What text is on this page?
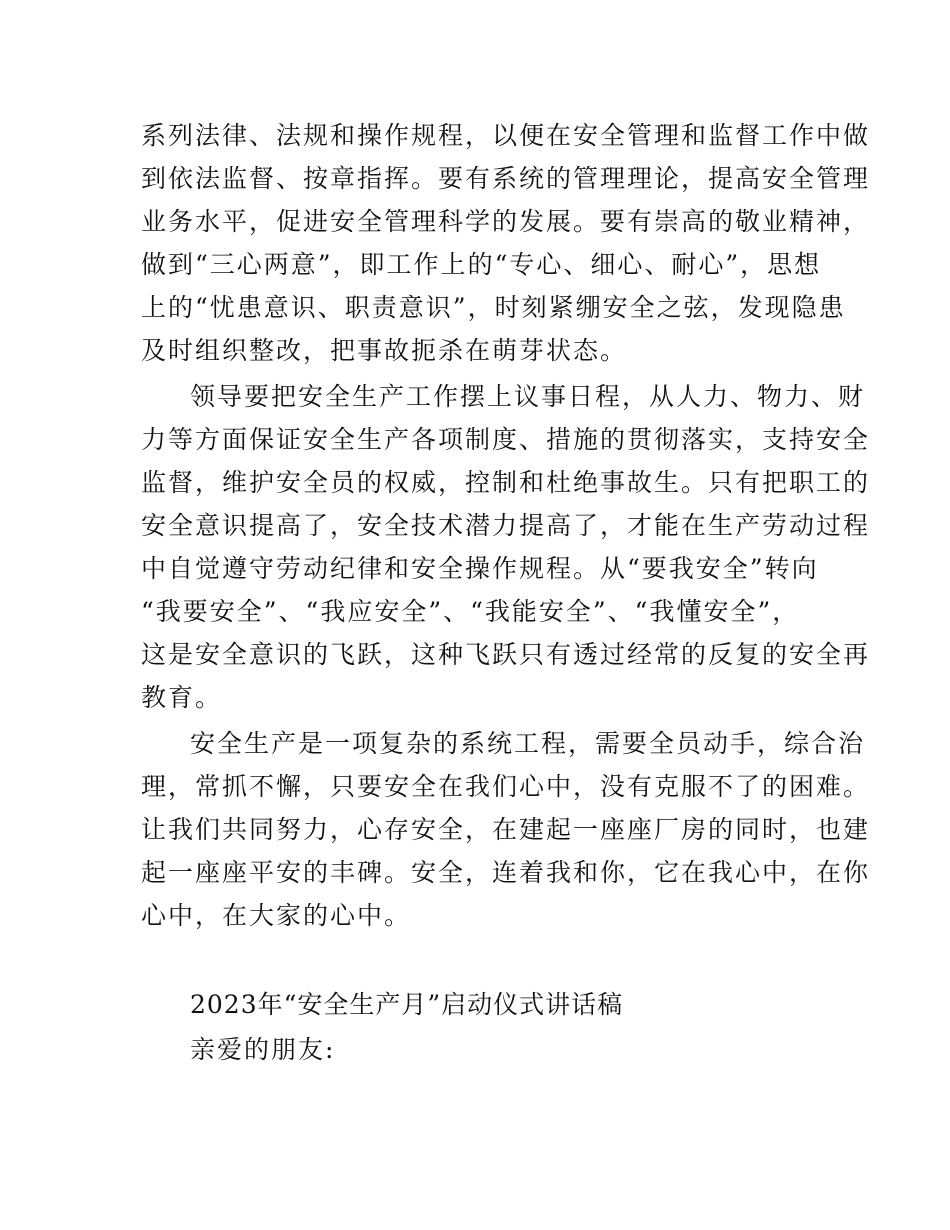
系列法律、法规和操作规程，以便在安全管理和监督工作中做
到依法监督、按章指挥。要有系统的管理理论，提高安全管理
业务水平，促进安全管理科学的发展。要有崇高的敬业精神，
做到“三心两意”，即工作上的“专心、细心、耐心”，思想
上的“忧患意识、职责意识”，时刻紧绷安全之弦，发现隐患
及时组织整改，把事故扼杀在萌芽状态。
领导要把安全生产工作摆上议事日程，从人力、物力、财
力等方面保证安全生产各项制度、措施的贯彻落实，支持安全
监督，维护安全员的权威，控制和杜绝事故生。只有把职工的
安全意识提高了，安全技术潜力提高了，才能在生产劳动过程
中自觉遵守劳动纪律和安全操作规程。从“要我安全”转向
“我要安全”、“我应安全”、“我能安全”、“我懂安全”，
这是安全意识的飞跃，这种飞跃只有透过经常的反复的安全再
教育。
安全生产是一项复杂的系统工程，需要全员动手，综合治
理，常抓不懈，只要安全在我们心中，没有克服不了的困难。
让我们共同努力，心存安全，在建起一座座厂房的同时，也建
起一座座平安的丰碑。安全，连着我和你，它在我心中，在你
心中，在大家的心中。
2023年“安全生产月”启动仪式讲话稿
亲爱的朋友:
